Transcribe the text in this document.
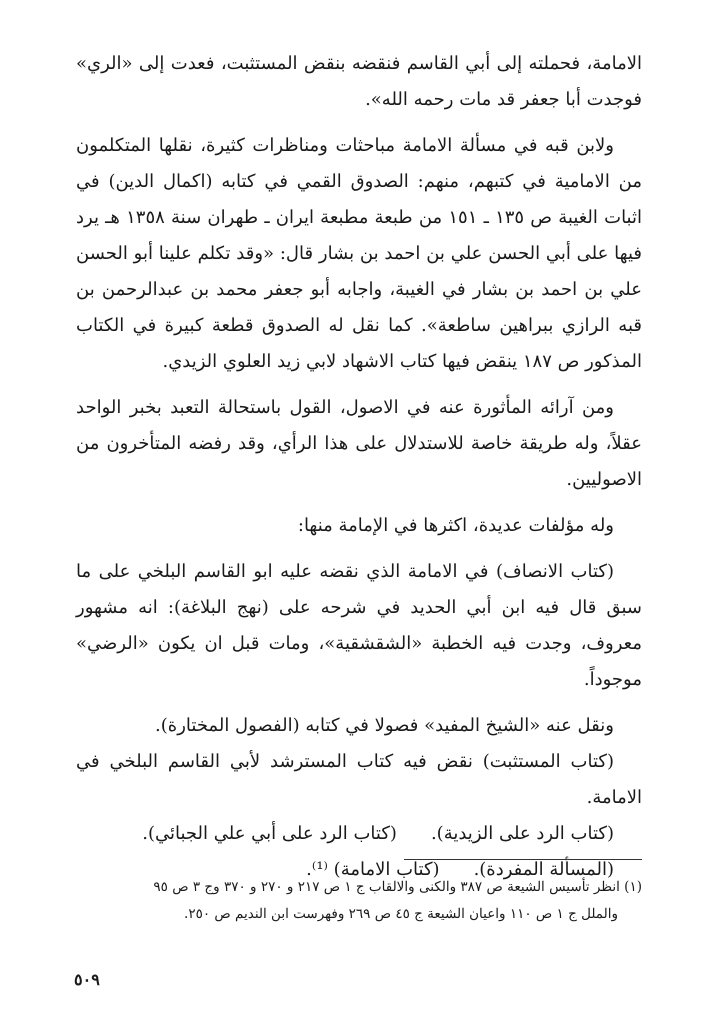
الامامة، فحملته إلى أبي القاسم فنقضه بنقض المستثبت، فعدت إلى «الري» فوجدت أبا جعفر قد مات رحمه الله».

ولابن قبه في مسألة الامامة مباحثات ومناظرات كثيرة، نقلها المتكلمون من الامامية في كتبهم، منهم: الصدوق القمي في كتابه (اكمال الدين) في اثبات الغيبة ص ١٣٥ ـ ١٥١ من طبعة مطبعة ايران ـ طهران سنة ١٣٥٨ هـ يرد فيها على أبي الحسن علي بن احمد بن بشار قال: «وقد تكلم علينا أبو الحسن علي بن احمد بن بشار في الغيبة، واجابه أبو جعفر محمد بن عبدالرحمن بن قبه الرازي ببراهين ساطعة». كما نقل له الصدوق قطعة كبيرة في الكتاب المذكور ص ١٨٧ ينقض فيها كتاب الاشهاد لابي زيد العلوي الزيدي.

ومن آرائه المأثورة عنه في الاصول، القول باستحالة التعبد بخبر الواحد عقلاً، وله طريقة خاصة للاستدلال على هذا الرأي، وقد رفضه المتأخرون من الاصوليين.

وله مؤلفات عديدة، اكثرها في الإمامة منها:

(كتاب الانصاف) في الامامة الذي نقضه عليه ابو القاسم البلخي على ما سبق قال فيه ابن أبي الحديد في شرحه على (نهج البلاغة): انه مشهور معروف، وجدت فيه الخطبة «الشقشقية»، ومات قبل ان يكون «الرضي» موجوداً.

ونقل عنه «الشيخ المفيد» فصولا في كتابه (الفصول المختارة).

(كتاب المستثبت) نقض فيه كتاب المسترشد لأبي القاسم البلخي في الامامة.

(كتاب الرد على الزيدية).(كتاب الرد على أبي علي الجبائي).

(المسألة المفردة).(كتاب الامامة) ⁽¹⁾.

(١) انظر تأسيس الشيعة ص ٣٨٧ والكنى والالقاب ج ١ ص ٢١٧ و ٢٧٠ و ٣٧٠ وج ٣ ص ٩٥

والملل ج ١ ص ١١٠ واعيان الشيعة ج ٤٥ ص ٢٦٩ وفهرست ابن النديم ص ٢٥٠.

٥٠٩
